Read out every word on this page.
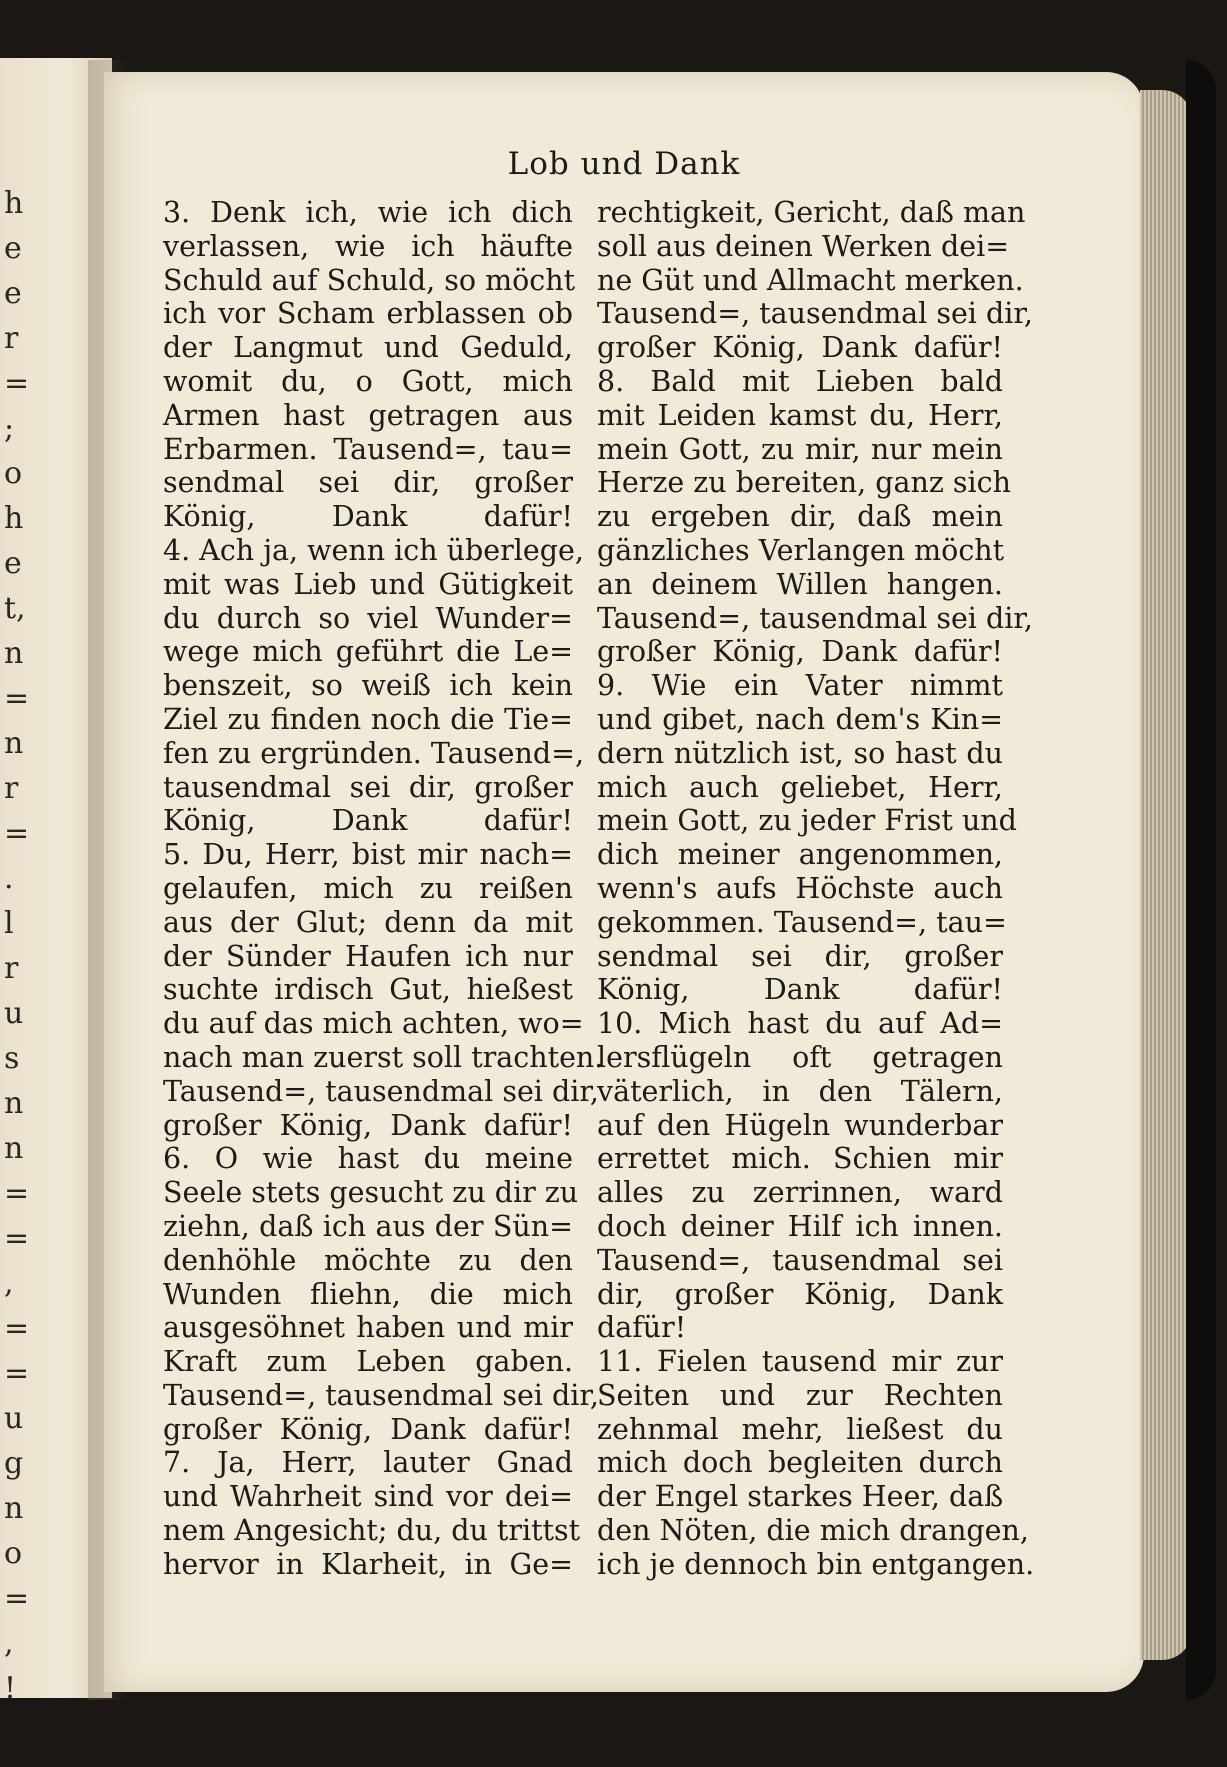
h
e
e
r
=
;
o
h
e
t,
n
=
n
r
=
.
l
r
u
s
n
n
=
=
,
=
=
u
g
n
o
=
,
!
Lob und Dank
3. Denk ich, wie ich dich
verlassen, wie ich häufte
Schuld auf Schuld, so möcht
ich vor Scham erblassen ob
der Langmut und Geduld,
womit du, o Gott, mich
Armen hast getragen aus
Erbarmen. Tausend=, tau=
sendmal sei dir, großer
König, Dank dafür!
4. Ach ja, wenn ich überlege,
mit was Lieb und Gütigkeit
du durch so viel Wunder=
wege mich geführt die Le=
benszeit, so weiß ich kein
Ziel zu finden noch die Tie=
fen zu ergründen. Tausend=,
tausendmal sei dir, großer
König, Dank dafür!
5. Du, Herr, bist mir nach=
gelaufen, mich zu reißen
aus der Glut; denn da mit
der Sünder Haufen ich nur
suchte irdisch Gut, hießest
du auf das mich achten, wo=
nach man zuerst soll trachten.
Tausend=, tausendmal sei dir,
großer König, Dank dafür!
6. O wie hast du meine
Seele stets gesucht zu dir zu
ziehn, daß ich aus der Sün=
denhöhle möchte zu den
Wunden fliehn, die mich
ausgesöhnet haben und mir
Kraft zum Leben gaben.
Tausend=, tausendmal sei dir,
großer König, Dank dafür!
7. Ja, Herr, lauter Gnad
und Wahrheit sind vor dei=
nem Angesicht; du, du trittst
hervor in Klarheit, in Ge=
rechtigkeit, Gericht, daß man
soll aus deinen Werken dei=
ne Güt und Allmacht merken.
Tausend=, tausendmal sei dir,
großer König, Dank dafür!
8. Bald mit Lieben bald
mit Leiden kamst du, Herr,
mein Gott, zu mir, nur mein
Herze zu bereiten, ganz sich
zu ergeben dir, daß mein
gänzliches Verlangen möcht
an deinem Willen hangen.
Tausend=, tausendmal sei dir,
großer König, Dank dafür!
9. Wie ein Vater nimmt
und gibet, nach dem's Kin=
dern nützlich ist, so hast du
mich auch geliebet, Herr,
mein Gott, zu jeder Frist und
dich meiner angenommen,
wenn's aufs Höchste auch
gekommen. Tausend=, tau=
sendmal sei dir, großer
König, Dank dafür!
10. Mich hast du auf Ad=
lersflügeln oft getragen
väterlich, in den Tälern,
auf den Hügeln wunderbar
errettet mich. Schien mir
alles zu zerrinnen, ward
doch deiner Hilf ich innen.
Tausend=, tausendmal sei
dir, großer König, Dank
dafür!
11. Fielen tausend mir zur
Seiten und zur Rechten
zehnmal mehr, ließest du
mich doch begleiten durch
der Engel starkes Heer, daß
den Nöten, die mich drangen,
ich je dennoch bin entgangen.
